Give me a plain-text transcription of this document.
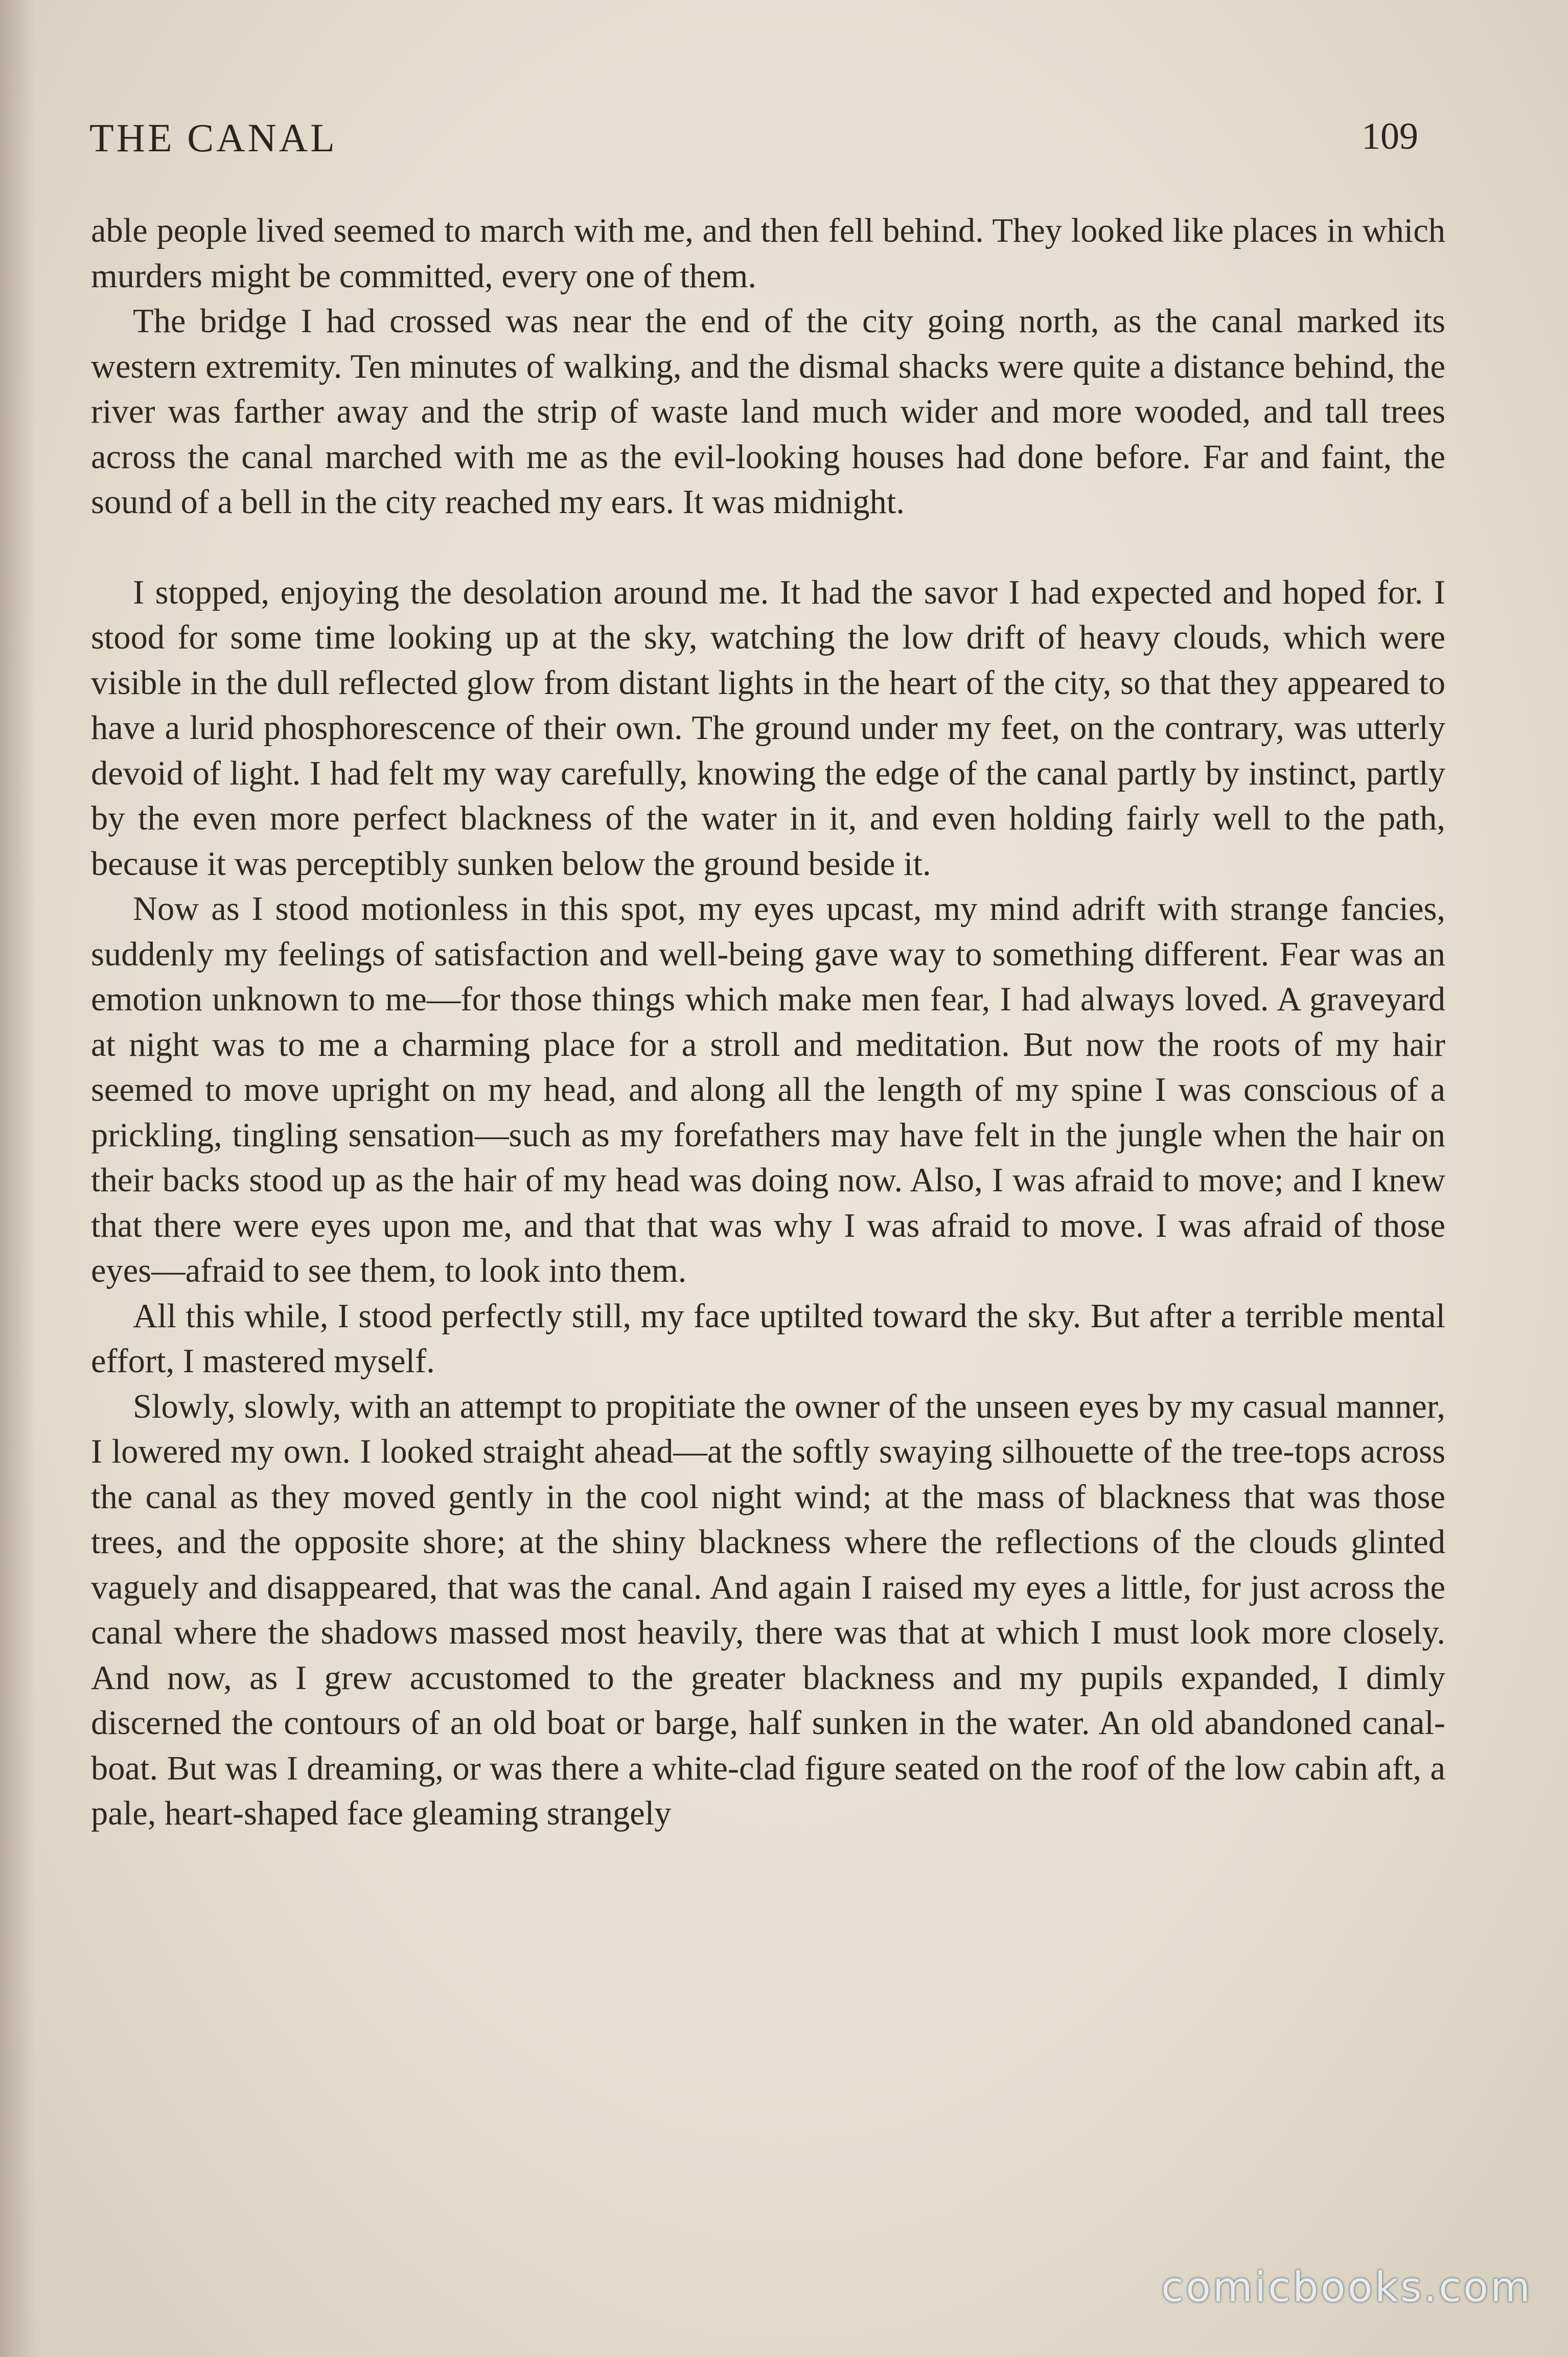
THE CANAL	109

able people lived seemed to march with me, and then fell behind. They looked like places in which murders might be committed, every one of them.

The bridge I had crossed was near the end of the city going north, as the canal marked its western extremity. Ten minutes of walking, and the dismal shacks were quite a distance behind, the river was farther away and the strip of waste land much wider and more wooded, and tall trees across the canal marched with me as the evil-looking houses had done before. Far and faint, the sound of a bell in the city reached my ears. It was midnight.

I stopped, enjoying the desolation around me. It had the savor I had expected and hoped for. I stood for some time looking up at the sky, watching the low drift of heavy clouds, which were visible in the dull reflected glow from distant lights in the heart of the city, so that they appeared to have a lurid phosphorescence of their own. The ground under my feet, on the contrary, was utterly devoid of light. I had felt my way carefully, knowing the edge of the canal partly by instinct, partly by the even more perfect blackness of the water in it, and even holding fairly well to the path, because it was perceptibly sunken below the ground beside it.

Now as I stood motionless in this spot, my eyes upcast, my mind adrift with strange fancies, suddenly my feelings of satisfaction and well-being gave way to something different. Fear was an emotion unknown to me—for those things which make men fear, I had always loved. A graveyard at night was to me a charming place for a stroll and meditation. But now the roots of my hair seemed to move upright on my head, and along all the length of my spine I was conscious of a prickling, tingling sensation—such as my forefathers may have felt in the jungle when the hair on their backs stood up as the hair of my head was doing now. Also, I was afraid to move; and I knew that there were eyes upon me, and that that was why I was afraid to move. I was afraid of those eyes—afraid to see them, to look into them.

All this while, I stood perfectly still, my face uptilted toward the sky. But after a terrible mental effort, I mastered myself.

Slowly, slowly, with an attempt to propitiate the owner of the unseen eyes by my casual manner, I lowered my own. I looked straight ahead—at the softly swaying silhouette of the tree-tops across the canal as they moved gently in the cool night wind; at the mass of blackness that was those trees, and the opposite shore; at the shiny blackness where the reflections of the clouds glinted vaguely and disappeared, that was the canal. And again I raised my eyes a little, for just across the canal where the shadows massed most heavily, there was that at which I must look more closely. And now, as I grew accustomed to the greater blackness and my pupils expanded, I dimly discerned the contours of an old boat or barge, half sunken in the water. An old abandoned canal-boat. But was I dreaming, or was there a white-clad figure seated on the roof of the low cabin aft, a pale, heart-shaped face gleaming strangely

comicbooks.com
